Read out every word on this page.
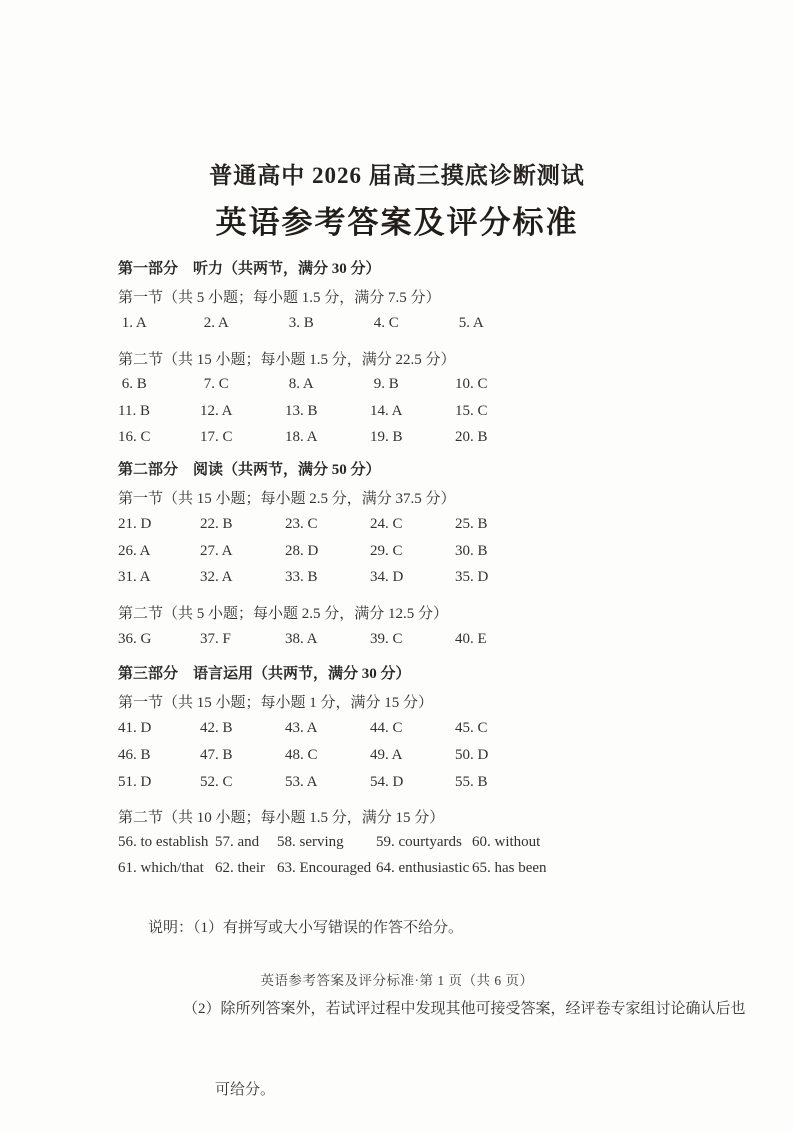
普通高中 2026 届高三摸底诊断测试
英语参考答案及评分标准
第一部分　听力（共两节，满分 30 分）
第一节（共 5 小题；每小题 1.5 分，满分 7.5 分）
1. A	2. A	3. B	4. C	5. A
第二节（共 15 小题；每小题 1.5 分，满分 22.5 分）
6. B	7. C	8. A	9. B	10. C
11. B	12. A	13. B	14. A	15. C
16. C	17. C	18. A	19. B	20. B
第二部分　阅读（共两节，满分 50 分）
第一节（共 15 小题；每小题 2.5 分，满分 37.5 分）
21. D	22. B	23. C	24. C	25. B
26. A	27. A	28. D	29. C	30. B
31. A	32. A	33. B	34. D	35. D
第二节（共 5 小题；每小题 2.5 分，满分 12.5 分）
36. G	37. F	38. A	39. C	40. E
第三部分　语言运用（共两节，满分 30 分）
第一节（共 15 小题；每小题 1 分，满分 15 分）
41. D	42. B	43. A	44. C	45. C
46. B	47. B	48. C	49. A	50. D
51. D	52. C	53. A	54. D	55. B
第二节（共 10 小题；每小题 1.5 分，满分 15 分）
56. to establish 57. and	58. serving	59. courtyards 60. without
61. which/that 62. their 63. Encouraged 64. enthusiastic 65. has been

说明：（1）有拼写或大小写错误的作答不给分。

（2）除所列答案外，若试评过程中发现其他可接受答案，经评卷专家组讨论确认后也

可给分。

英语参考答案及评分标准·第 1 页（共 6 页）
